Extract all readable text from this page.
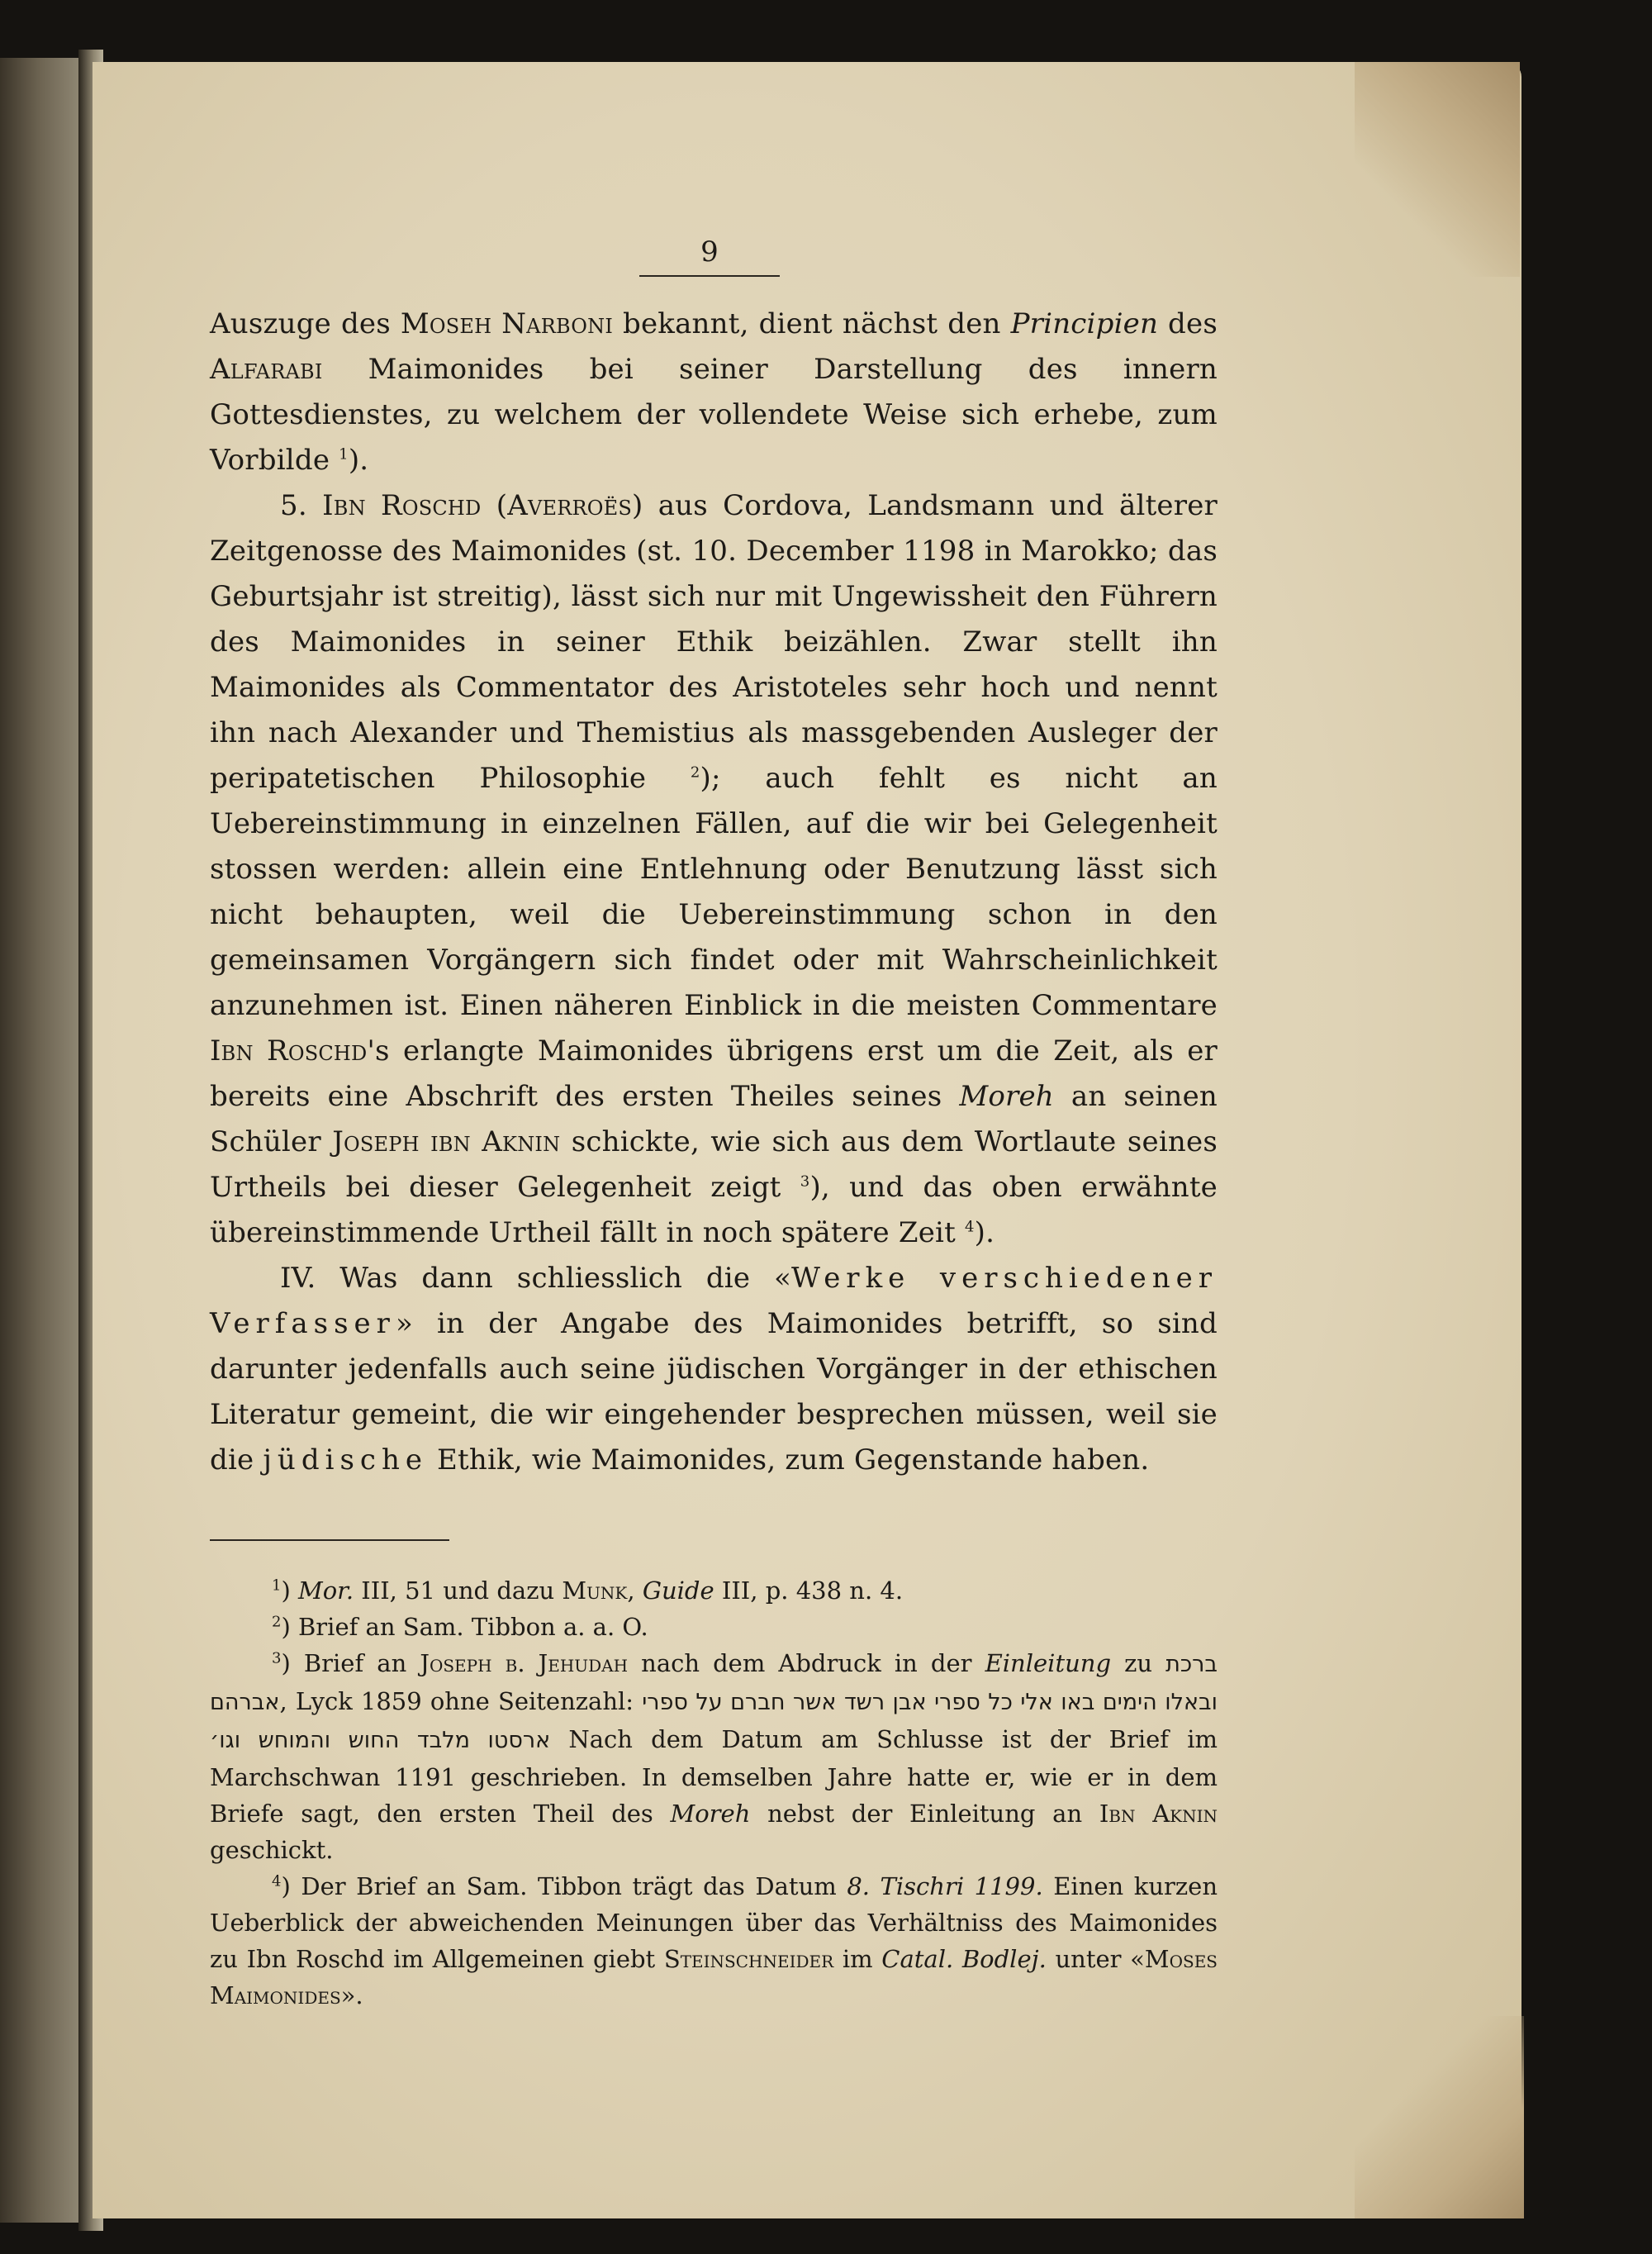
9

Auszuge des Moseh Narboni bekannt, dient nächst den Principien des Alfarabi Maimonides bei seiner Darstellung des innern Gottesdienstes, zu welchem der vollendete Weise sich erhebe, zum Vorbilde $^1$).

5. Ibn Roschd (Averroës) aus Cordova, Landsmann und älterer Zeitgenosse des Maimonides (st. 10. December 1198 in Marokko; das Geburtsjahr ist streitig), lässt sich nur mit Ungewissheit den Führern des Maimonides in seiner Ethik beizählen. Zwar stellt ihn Maimonides als Commentator des Aristoteles sehr hoch und nennt ihn nach Alexander und Themistius als massgebenden Ausleger der peripatetischen Philosophie $^2$); auch fehlt es nicht an Uebereinstimmung in einzelnen Fällen, auf die wir bei Gelegenheit stossen werden: allein eine Entlehnung oder Benutzung lässt sich nicht behaupten, weil die Uebereinstimmung schon in den gemeinsamen Vorgängern sich findet oder mit Wahrscheinlichkeit anzunehmen ist. Einen näheren Einblick in die meisten Commentare Ibn Roschd's erlangte Maimonides übrigens erst um die Zeit, als er bereits eine Abschrift des ersten Theiles seines Moreh an seinen Schüler Joseph ibn Aknin schickte, wie sich aus dem Wortlaute seines Urtheils bei dieser Gelegenheit zeigt $^3$), und das oben erwähnte übereinstimmende Urtheil fällt in noch spätere Zeit $^4$).

IV. Was dann schliesslich die «Werke verschiedener Verfasser» in der Angabe des Maimonides betrifft, so sind darunter jedenfalls auch seine jüdischen Vorgänger in der ethischen Literatur gemeint, die wir eingehender besprechen müssen, weil sie die jüdische Ethik, wie Maimonides, zum Gegenstande haben.

$^1$) Mor. III, 51 und dazu Munk, Guide III, p. 438 n. 4.

$^2$) Brief an Sam. Tibbon a. a. O.

$^3$) Brief an Joseph b. Jehudah nach dem Abdruck in der Einleitung zu ברכת אברהם, Lyck 1859 ohne Seitenzahl: ובאלו הימים באו אלי כל ספרי אבן רשד אשר חברם על ספרי ארסטו מלבד החוש והמוחש וגו׳ Nach dem Datum am Schlusse ist der Brief im Marchschwan 1191 geschrieben. In demselben Jahre hatte er, wie er in dem Briefe sagt, den ersten Theil des Moreh nebst der Einleitung an Ibn Aknin geschickt.

$^4$) Der Brief an Sam. Tibbon trägt das Datum 8. Tischri 1199. Einen kurzen Ueberblick der abweichenden Meinungen über das Verhältniss des Maimonides zu Ibn Roschd im Allgemeinen giebt Steinschneider im Catal. Bodlej. unter «Moses Maimonides».
